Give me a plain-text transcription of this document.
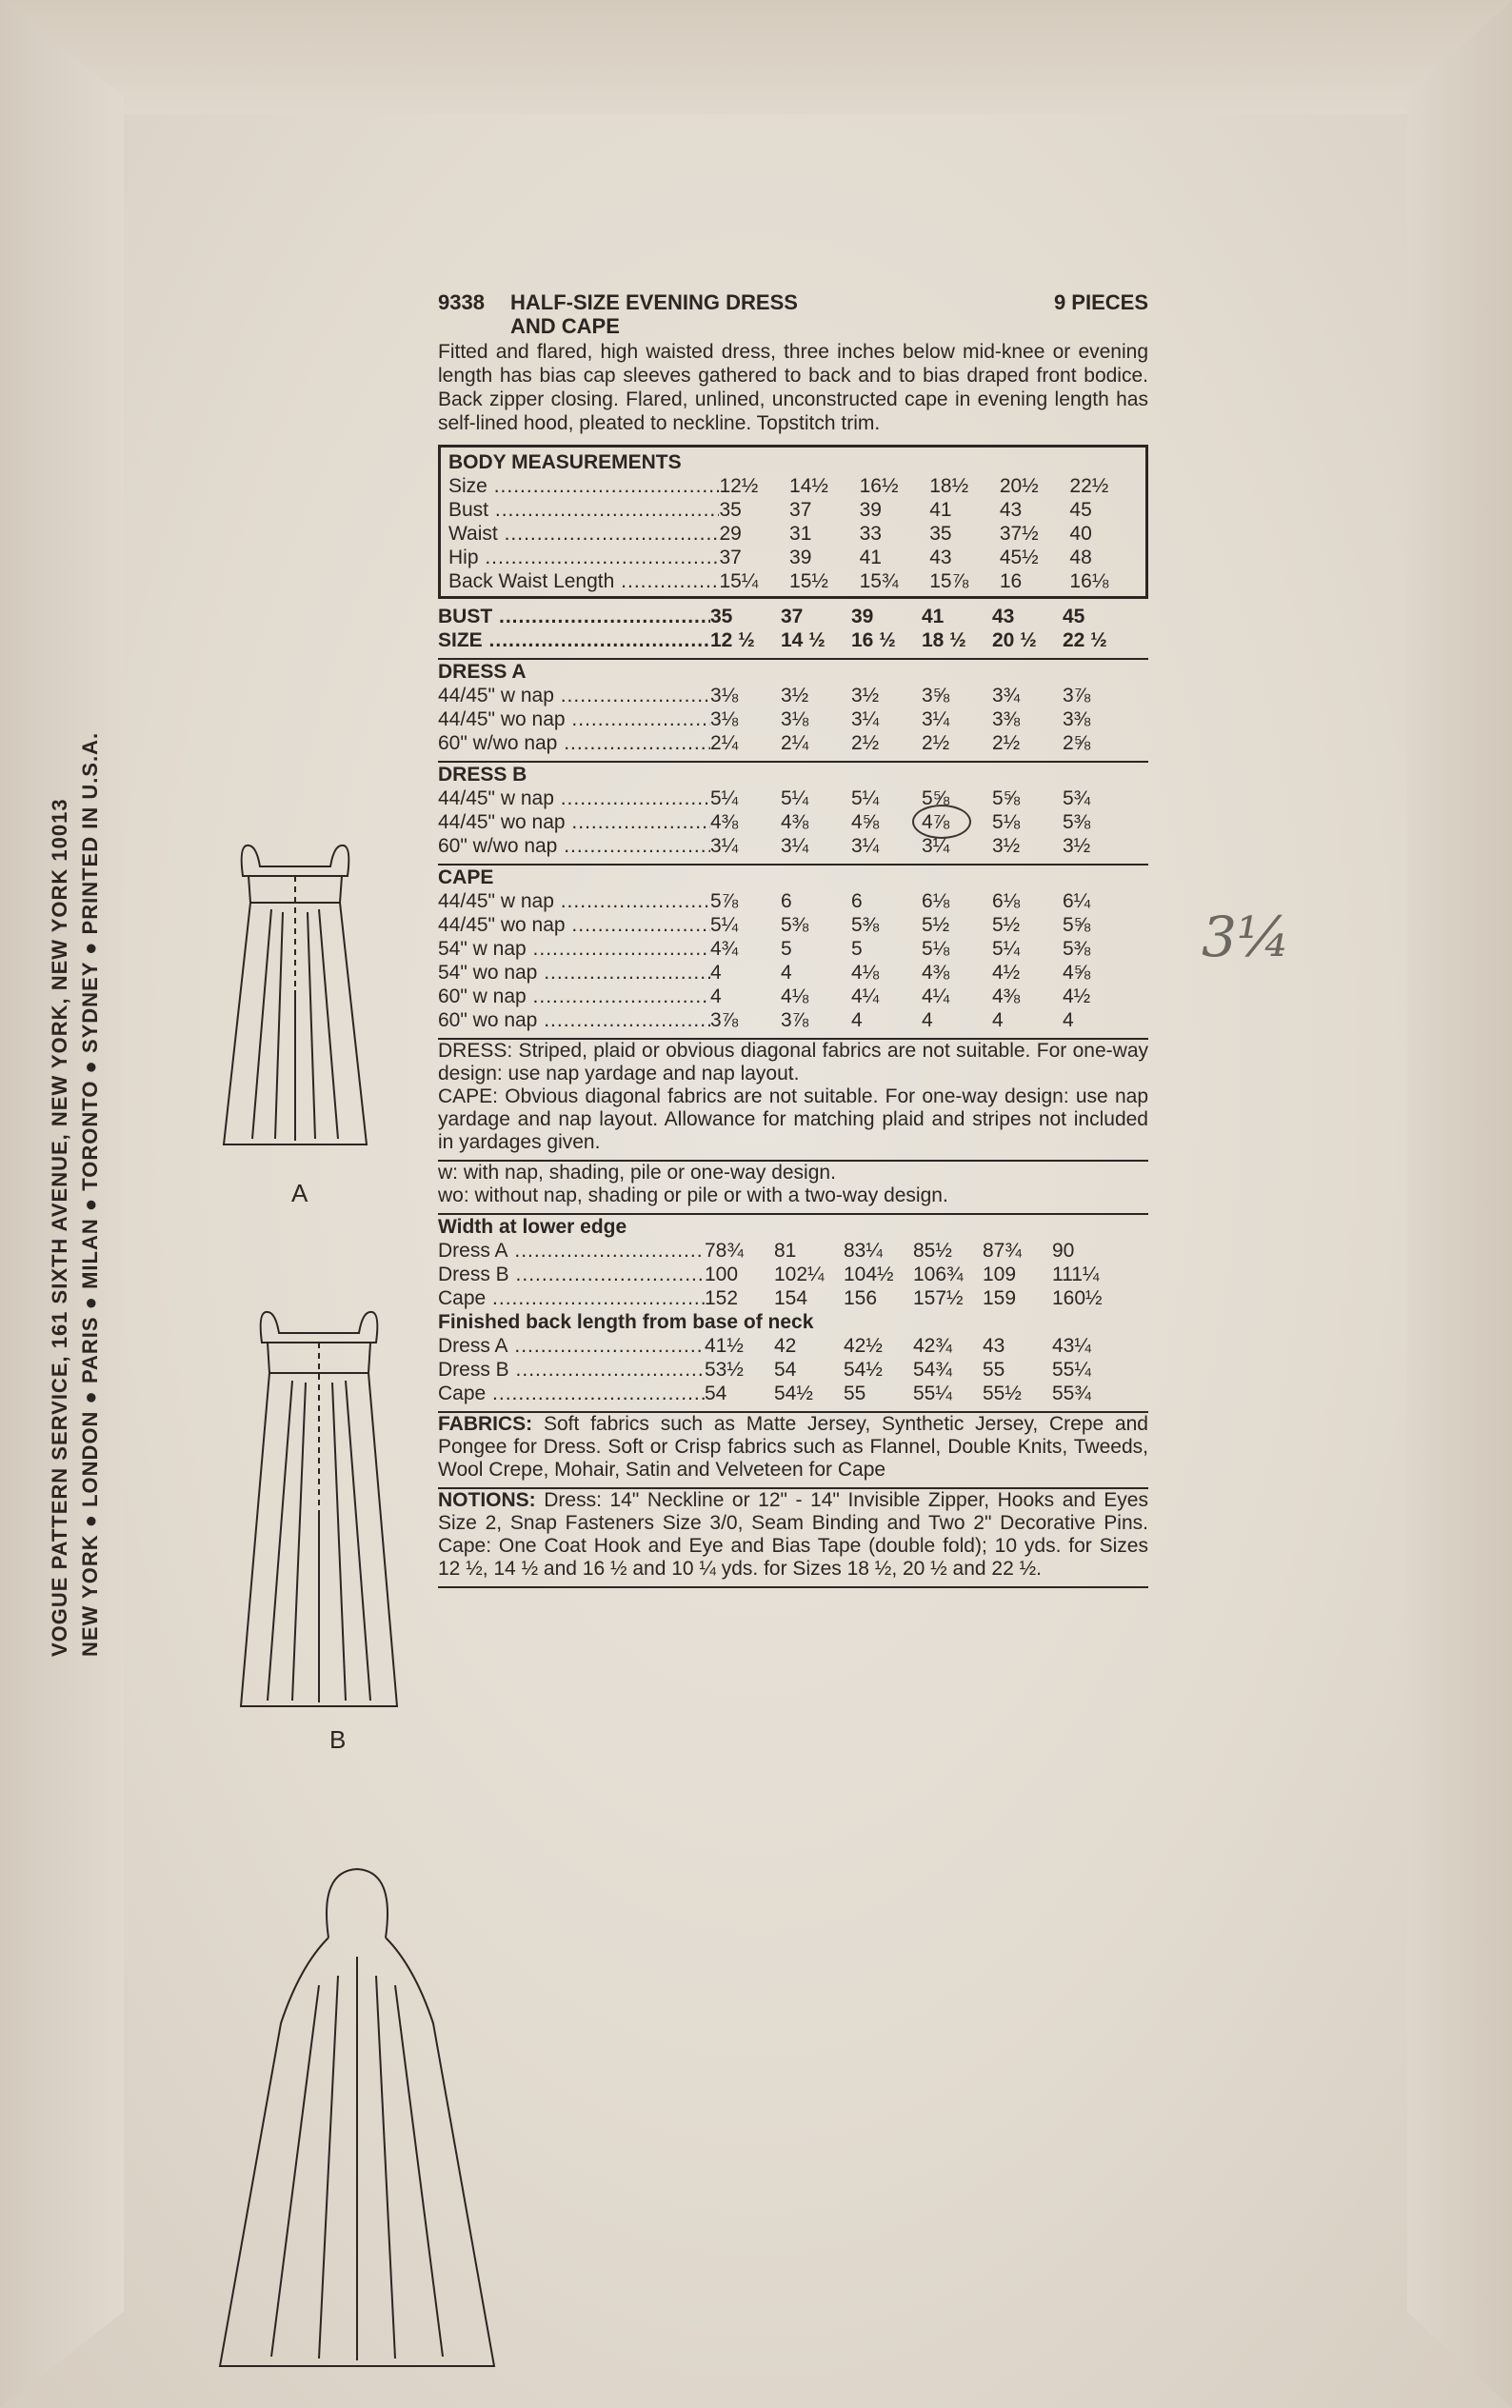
VOGUE PATTERN SERVICE, 161 SIXTH AVENUE, NEW YORK, NEW YORK 10013 NEW YORK ● LONDON ● PARIS ● MILAN ● TORONTO ● SYDNEY ● PRINTED IN U.S.A.	A
B
3¼
9338	HALF-SIZE EVENING DRESS	9 PIECES
AND CAPE
Fitted and flared, high waisted dress, three inches below mid-knee or evening length has bias cap sleeves gathered to back and to bias draped front bodice. Back zipper closing. Flared, unlined, unconstructed cape in evening length has self-lined hood, pleated to neckline. Topstitch trim.
BODY MEASUREMENTS
Size .....	12½	14½	16½	18½	20½	22½
Bust .....	35	37	39	41	43	45
Waist .....	29	31	33	35	37½	40
Hip .....	37	39	41	43	45½	48
Back Waist Length .....	15¼	15½	15¾	15⅞	16	16⅛
BUST .....	35	37	39	41	43	45
SIZE .....	12 ½	14 ½	16 ½	18 ½	20 ½	22 ½
DRESS A
44/45" w nap .....	3⅛	3½	3½	3⅝	3¾	3⅞
44/45" wo nap .....	3⅛	3⅛	3¼	3¼	3⅜	3⅜
60" w/wo nap .....	2¼	2¼	2½	2½	2½	2⅝
DRESS B
44/45" w nap .....	5¼	5¼	5¼	5⅝	5⅝	5¾
44/45" wo nap .....	4⅜	4⅜	4⅝	4⅞	5⅛	5⅜
60" w/wo nap .....	3¼	3¼	3¼	3¼	3½	3½
CAPE
44/45" w nap .....	5⅞	6	6	6⅛	6⅛	6¼
44/45" wo nap .....	5¼	5⅜	5⅜	5½	5½	5⅝
54" w nap .....	4¾	5	5	5⅛	5¼	5⅜
54" wo nap .....	4	4	4⅛	4⅜	4½	4⅝
60" w nap .....	4	4⅛	4¼	4¼	4⅜	4½
60" wo nap .....	3⅞	3⅞	4	4	4	4
DRESS: Striped, plaid or obvious diagonal fabrics are not suitable. For one-way design: use nap yardage and nap layout.
CAPE: Obvious diagonal fabrics are not suitable. For one-way design: use nap yardage and nap layout. Allowance for matching plaid and stripes not included in yardages given.
w: with nap, shading, pile or one-way design.
wo: without nap, shading or pile or with a two-way design.
Width at lower edge
Dress A .....	78¾	81	83¼	85½	87¾	90
Dress B .....	100	102¼ 104½ 106¾ 109	111¼
Cape .....	152	154	156	157½ 159	160½
Finished back length from base of neck
Dress A .....	41½	42	42½	42¾	43	43¼
Dress B .....	53½	54	54½	54¾	55	55¼
Cape .....	54	54½	55	55¼	55½	55¾
FABRICS: Soft fabrics such as Matte Jersey, Synthetic Jersey, Crepe and Pongee for Dress. Soft or Crisp fabrics such as Flannel, Double Knits, Tweeds, Wool Crepe, Mohair, Satin and Velveteen for Cape
NOTIONS: Dress: 14" Neckline or 12" - 14" Invisible Zipper, Hooks and Eyes Size 2, Snap Fasteners Size 3/0, Seam Binding and Two 2" Decorative Pins. Cape: One Coat Hook and Eye and Bias Tape (double fold); 10 yds. for Sizes 12 ½, 14 ½ and 16 ½ and 10 ¼ yds. for Sizes 18 ½, 20 ½ and 22 ½.
